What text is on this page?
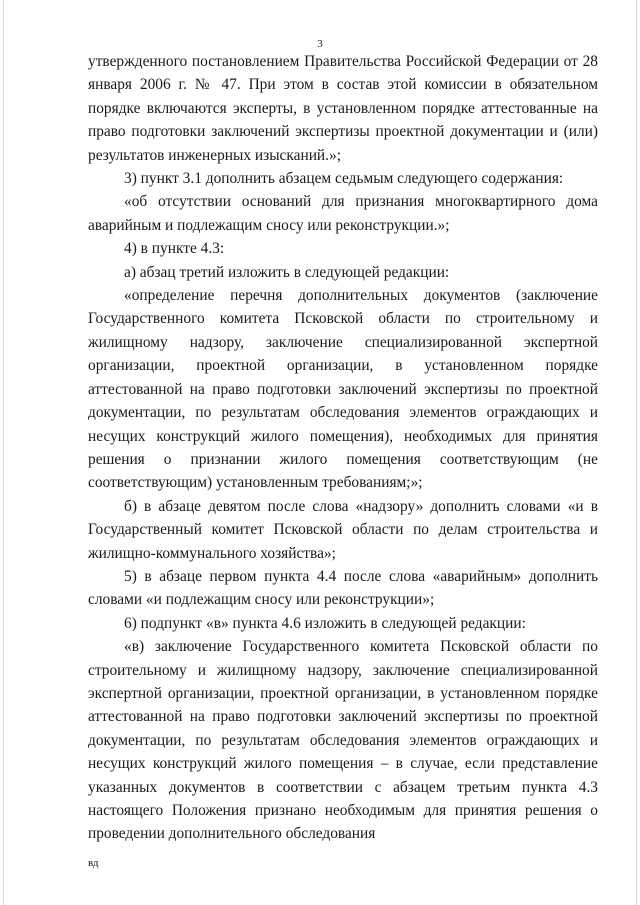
3

утвержденного постановлением Правительства Российской Федерации от 28 января 2006 г. № 47. При этом в состав этой комиссии в обязательном порядке включаются эксперты, в установленном порядке аттестованные на право подготовки заключений экспертизы проектной документации и (или) результатов инженерных изысканий.»;

3) пункт 3.1 дополнить абзацем седьмым следующего содержания:

«об отсутствии оснований для признания многоквартирного дома аварийным и подлежащим сносу или реконструкции.»;

4) в пункте 4.3:

а) абзац третий изложить в следующей редакции:

«определение перечня дополнительных документов (заключение Государственного комитета Псковской области по строительному и жилищному надзору, заключение специализированной экспертной организации, проектной организации, в установленном порядке аттестованной на право подготовки заключений экспертизы по проектной документации, по результатам обследования элементов ограждающих и несущих конструкций жилого помещения), необходимых для принятия решения о признании жилого помещения соответствующим (не соответствующим) установленным требованиям;»;

б) в абзаце девятом после слова «надзору» дополнить словами «и в Государственный комитет Псковской области по делам строительства и жилищно-коммунального хозяйства»;

5) в абзаце первом пункта 4.4 после слова «аварийным» дополнить словами «и подлежащим сносу или реконструкции»;

6) подпункт «в» пункта 4.6 изложить в следующей редакции:

«в) заключение Государственного комитета Псковской области по строительному и жилищному надзору, заключение специализированной экспертной организации, проектной организации, в установленном порядке аттестованной на право подготовки заключений экспертизы по проектной документации, по результатам обследования элементов ограждающих и несущих конструкций жилого помещения – в случае, если представление указанных документов в соответствии с абзацем третьим пункта 4.3 настоящего Положения признано необходимым для принятия решения о проведении дополнительного обследования

вд
